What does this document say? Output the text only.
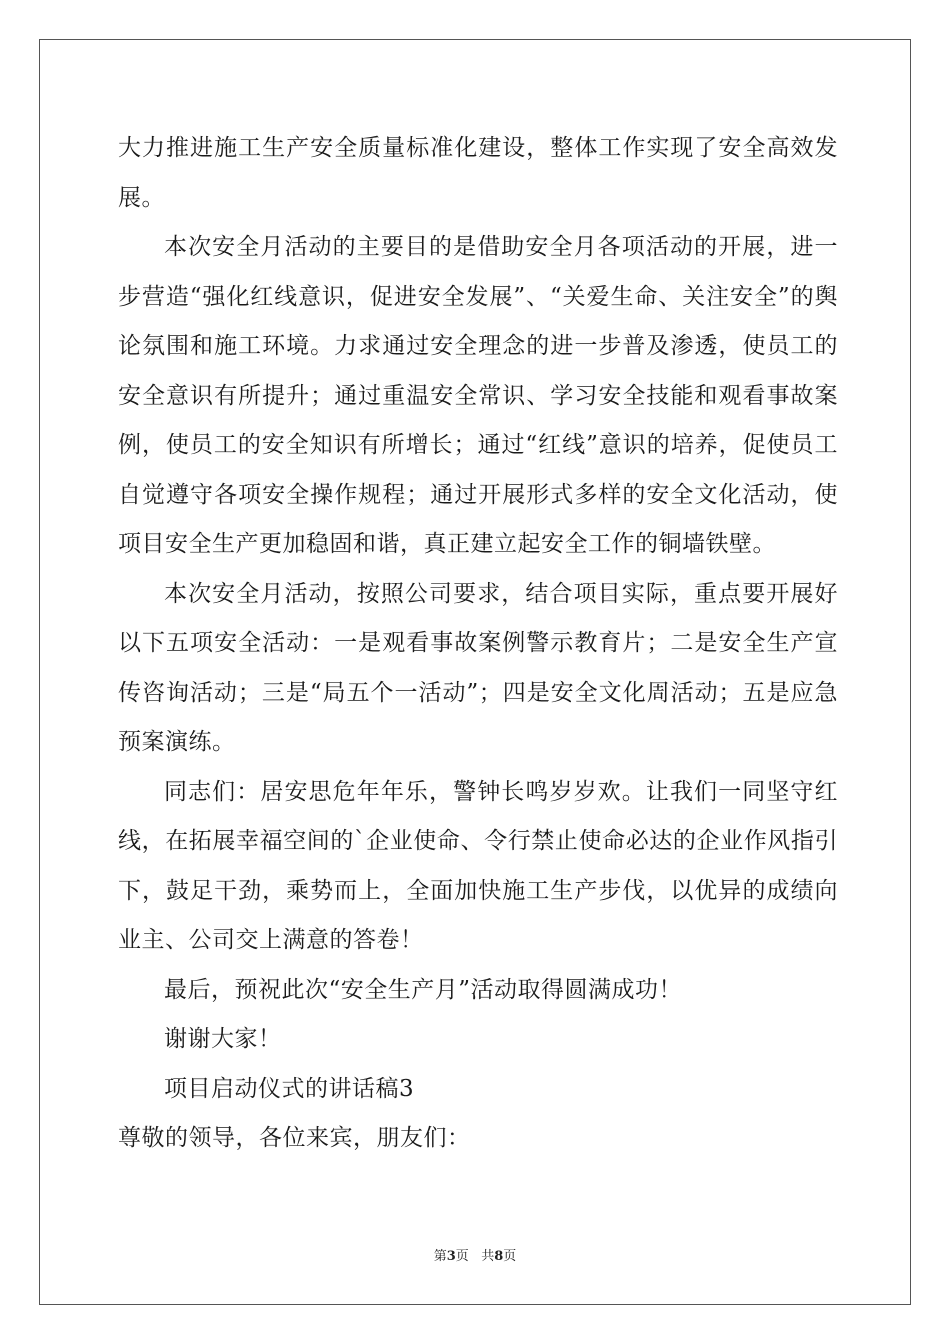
大力推进施工生产安全质量标准化建设，整体工作实现了安全高效发展。

本次安全月活动的主要目的是借助安全月各项活动的开展，进一步营造“强化红线意识，促进安全发展”、“关爱生命、关注安全”的舆论氛围和施工环境。力求通过安全理念的进一步普及渗透，使员工的安全意识有所提升；通过重温安全常识、学习安全技能和观看事故案例，使员工的安全知识有所增长；通过“红线”意识的培养，促使员工自觉遵守各项安全操作规程；通过开展形式多样的安全文化活动，使项目安全生产更加稳固和谐，真正建立起安全工作的铜墙铁壁。

本次安全月活动，按照公司要求，结合项目实际，重点要开展好以下五项安全活动：一是观看事故案例警示教育片；二是安全生产宣传咨询活动；三是“局五个一活动”；四是安全文化周活动；五是应急预案演练。

同志们：居安思危年年乐，警钟长鸣岁岁欢。让我们一同坚守红线，在拓展幸福空间的`企业使命、令行禁止使命必达的企业作风指引下，鼓足干劲，乘势而上，全面加快施工生产步伐，以优异的成绩向业主、公司交上满意的答卷！

最后，预祝此次“安全生产月”活动取得圆满成功！

谢谢大家！

项目启动仪式的讲话稿3

尊敬的领导，各位来宾，朋友们：

第3页 共8页
